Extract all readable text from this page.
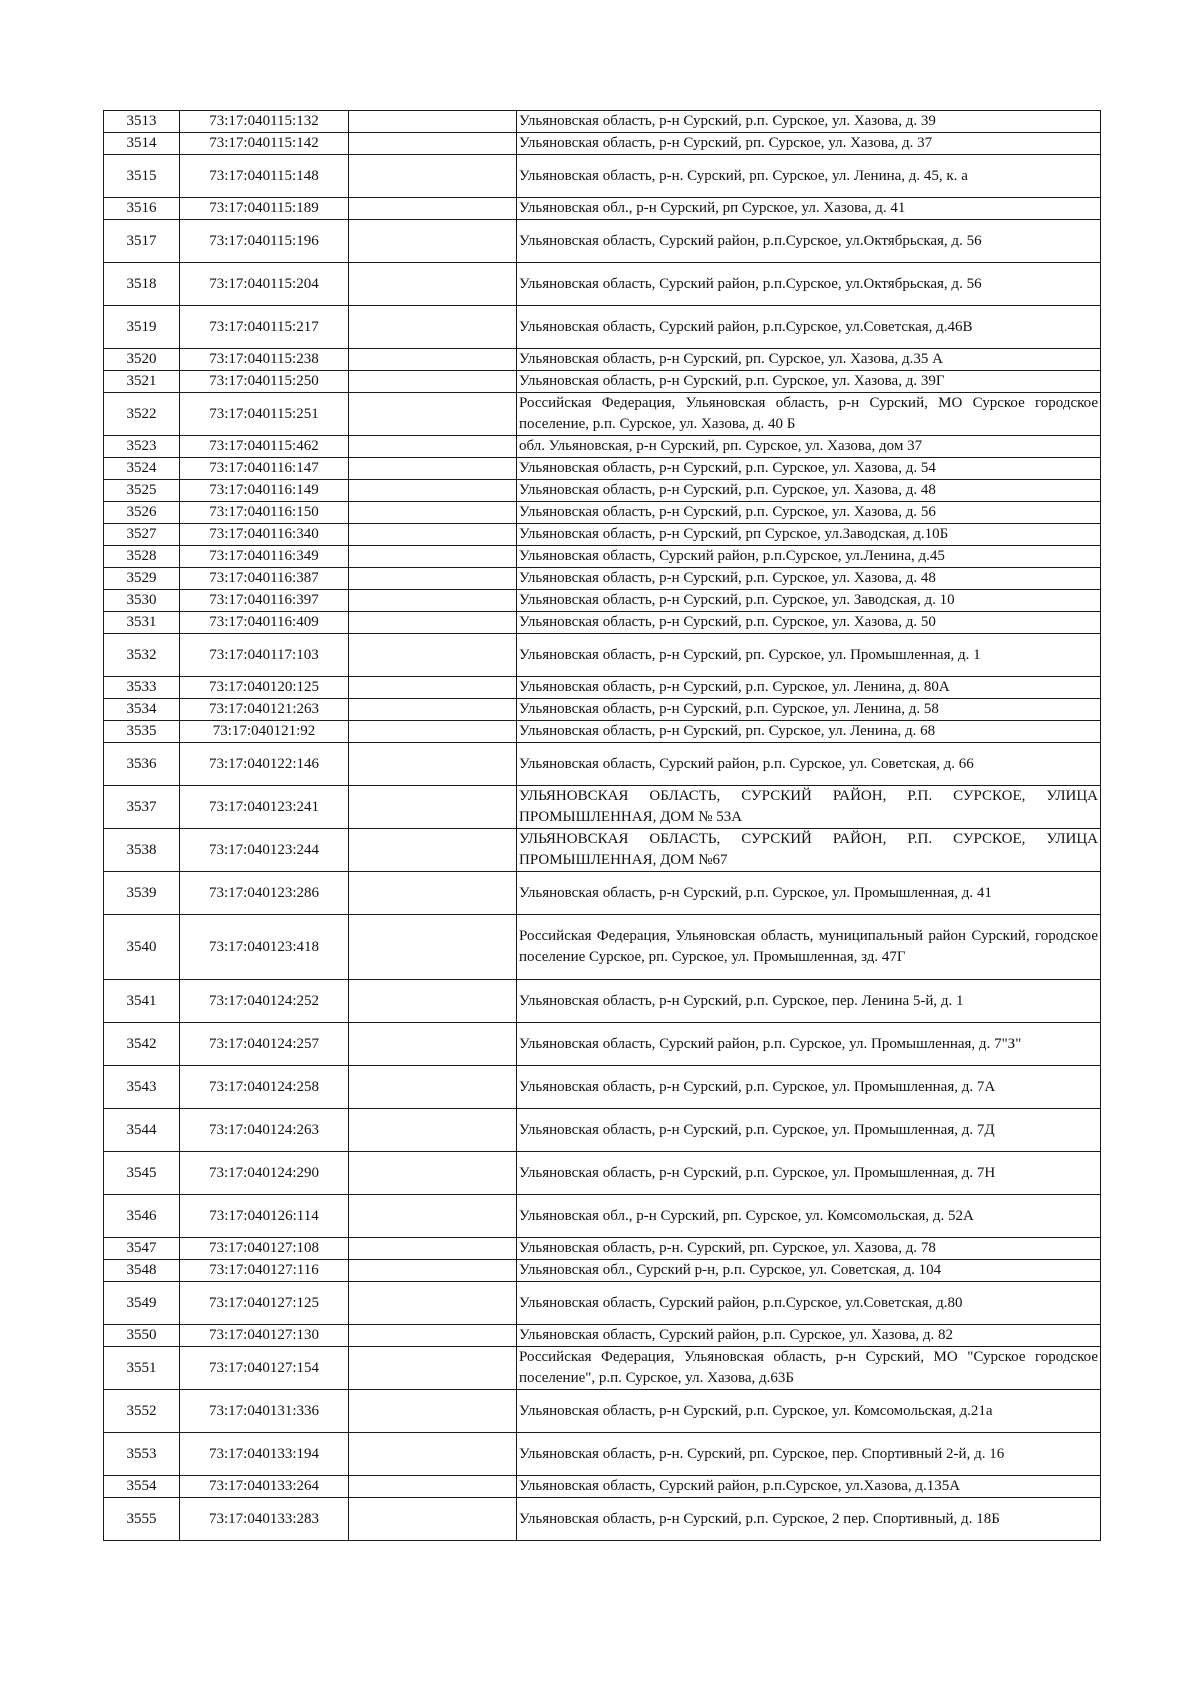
3513	73:17:040115:132		Ульяновская область, р-н Сурский, р.п. Сурское, ул. Хазова, д. 39
3514	73:17:040115:142		Ульяновская область, р-н Сурский, рп. Сурское, ул. Хазова, д. 37
3515	73:17:040115:148		Ульяновская область, р-н. Сурский, рп. Сурское, ул. Ленина, д. 45, к. а
3516	73:17:040115:189		Ульяновская обл., р-н Сурский, рп Сурское, ул. Хазова, д. 41
3517	73:17:040115:196		Ульяновская область, Сурский район, р.п.Сурское, ул.Октябрьская, д. 56
3518	73:17:040115:204		Ульяновская область, Сурский район, р.п.Сурское, ул.Октябрьская, д. 56
3519	73:17:040115:217		Ульяновская область, Сурский район, р.п.Сурское, ул.Советская, д.46В
3520	73:17:040115:238		Ульяновская область, р-н Сурский, рп. Сурское, ул. Хазова, д.35 А
3521	73:17:040115:250		Ульяновская область, р-н Сурский, р.п. Сурское, ул. Хазова, д. 39Г
3522	73:17:040115:251		Российская Федерация, Ульяновская область, р-н Сурский, МО Сурское городское поселение, р.п. Сурское, ул. Хазова, д. 40 Б
3523	73:17:040115:462		обл. Ульяновская, р-н Сурский, рп. Сурское, ул. Хазова, дом 37
3524	73:17:040116:147		Ульяновская область, р-н Сурский, р.п. Сурское, ул. Хазова, д. 54
3525	73:17:040116:149		Ульяновская область, р-н Сурский, р.п. Сурское, ул. Хазова, д. 48
3526	73:17:040116:150		Ульяновская область, р-н Сурский, р.п. Сурское, ул. Хазова, д. 56
3527	73:17:040116:340		Ульяновская область, р-н Сурский, рп Сурское, ул.Заводская, д.10Б
3528	73:17:040116:349		Ульяновская область, Сурский район, р.п.Сурское, ул.Ленина, д.45
3529	73:17:040116:387		Ульяновская область, р-н Сурский, р.п. Сурское, ул. Хазова, д. 48
3530	73:17:040116:397		Ульяновская область, р-н Сурский, р.п. Сурское, ул. Заводская, д. 10
3531	73:17:040116:409		Ульяновская область, р-н Сурский, р.п. Сурское, ул. Хазова, д. 50
3532	73:17:040117:103		Ульяновская область, р-н Сурский, рп. Сурское, ул. Промышленная, д. 1
3533	73:17:040120:125		Ульяновская область, р-н Сурский, р.п. Сурское, ул. Ленина, д. 80А
3534	73:17:040121:263		Ульяновская область, р-н Сурский, р.п. Сурское, ул. Ленина, д. 58
3535	73:17:040121:92		Ульяновская область, р-н Сурский, рп. Сурское, ул. Ленина, д. 68
3536	73:17:040122:146		Ульяновская область, Сурский район, р.п. Сурское, ул. Советская, д. 66
3537	73:17:040123:241		УЛЬЯНОВСКАЯ ОБЛАСТЬ, СУРСКИЙ РАЙОН, Р.П. СУРСКОЕ, УЛИЦА ПРОМЫШЛЕННАЯ, ДОМ № 53А
3538	73:17:040123:244		УЛЬЯНОВСКАЯ ОБЛАСТЬ, СУРСКИЙ РАЙОН, Р.П. СУРСКОЕ, УЛИЦА ПРОМЫШЛЕННАЯ, ДОМ №67
3539	73:17:040123:286		Ульяновская область, р-н Сурский, р.п. Сурское, ул. Промышленная, д. 41
3540	73:17:040123:418		Российская Федерация, Ульяновская область, муниципальный район Сурский, городское поселение Сурское, рп. Сурское, ул. Промышленная, зд. 47Г
3541	73:17:040124:252		Ульяновская область, р-н Сурский, р.п. Сурское, пер. Ленина 5-й, д. 1
3542	73:17:040124:257		Ульяновская область, Сурский район, р.п. Сурское, ул. Промышленная, д. 7"З"
3543	73:17:040124:258		Ульяновская область, р-н Сурский, р.п. Сурское, ул. Промышленная, д. 7А
3544	73:17:040124:263		Ульяновская область, р-н Сурский, р.п. Сурское, ул. Промышленная, д. 7Д
3545	73:17:040124:290		Ульяновская область, р-н Сурский, р.п. Сурское, ул. Промышленная, д. 7Н
3546	73:17:040126:114		Ульяновская обл., р-н Сурский, рп. Сурское, ул. Комсомольская, д. 52А
3547	73:17:040127:108		Ульяновская область, р-н. Сурский, рп. Сурское, ул. Хазова, д. 78
3548	73:17:040127:116		Ульяновская обл., Сурский р-н, р.п. Сурское, ул. Советская, д. 104
3549	73:17:040127:125		Ульяновская область, Сурский район, р.п.Сурское, ул.Советская, д.80
3550	73:17:040127:130		Ульяновская область, Сурский район, р.п. Сурское, ул. Хазова, д. 82
3551	73:17:040127:154		Российская Федерация, Ульяновская область, р-н Сурский, МО "Сурское городское поселение", р.п. Сурское, ул. Хазова, д.63Б
3552	73:17:040131:336		Ульяновская область, р-н Сурский, р.п. Сурское, ул. Комсомольская, д.21а
3553	73:17:040133:194		Ульяновская область, р-н. Сурский, рп. Сурское, пер. Спортивный 2-й, д. 16
3554	73:17:040133:264		Ульяновская область, Сурский район, р.п.Сурское, ул.Хазова, д.135А
3555	73:17:040133:283		Ульяновская область, р-н Сурский, р.п. Сурское, 2 пер. Спортивный, д. 18Б
